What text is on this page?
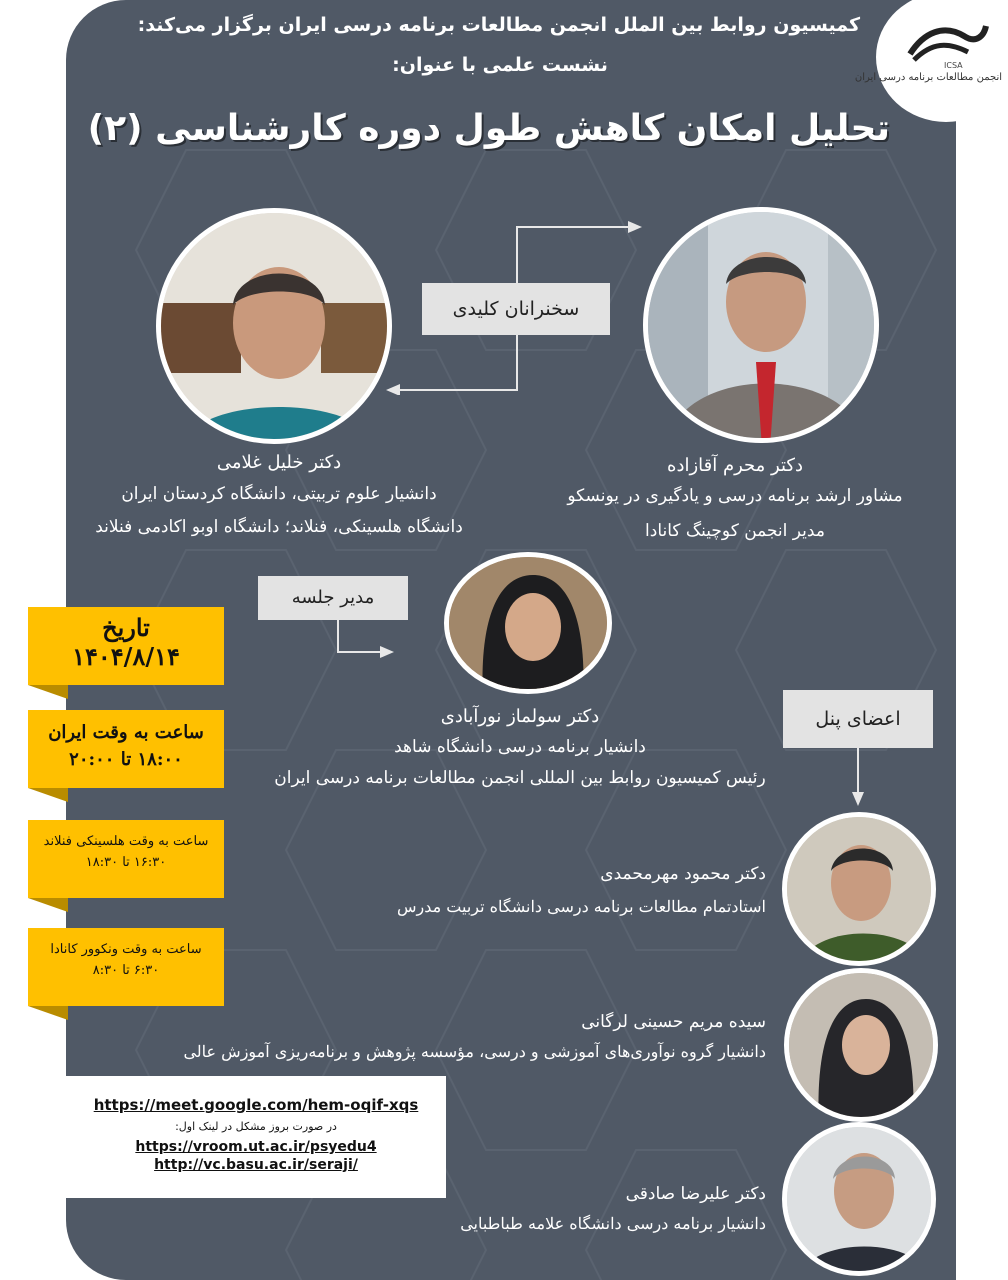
ICSA
انجمن مطالعات برنامه درسی ایران
کمیسیون روابط بین الملل انجمن مطالعات برنامه درسی ایران برگزار می‌کند:
نشست علمی با عنوان:
تحلیل امکان کاهش طول دوره کارشناسی (۲)
سخنرانان کلیدی
دکتر خلیل غلامی
دانشیار علوم تربیتی، دانشگاه کردستان ایران
دانشگاه هلسینکی، فنلاند؛ دانشگاه اوبو اکادمی فنلاند
دکتر محرم آقازاده
مشاور ارشد برنامه درسی و یادگیری در یونسکو
مدیر انجمن کوچینگ کانادا
مدیر جلسه
دکتر سولماز نورآبادی
دانشیار برنامه درسی دانشگاه شاهد
رئیس کمیسیون روابط بین المللی انجمن مطالعات برنامه درسی ایران
اعضای پنل
دکتر محمود مهرمحمدی
استادتمام مطالعات برنامه درسی دانشگاه تربیت مدرس
سیده مریم حسینی لرگانی
دانشیار گروه نوآوری‌های آموزشی و درسی، مؤسسه پژوهش و برنامه‌ریزی آموزش عالی
دکتر علیرضا صادقی
دانشیار برنامه درسی دانشگاه علامه طباطبایی
تاریخ
۱۴۰۴/۸/۱۴
ساعت به وقت ایران
۱۸:۰۰ تا ۲۰:۰۰
ساعت به وقت هلسینکی فنلاند
۱۶:۳۰ تا ۱۸:۳۰
ساعت به وقت ونکوور کانادا
۶:۳۰ تا ۸:۳۰
https://meet.google.com/hem-oqif-xqs
در صورت بروز مشکل در لینک اول:
https://vroom.ut.ac.ir/psyedu4
http://vc.basu.ac.ir/seraji/
